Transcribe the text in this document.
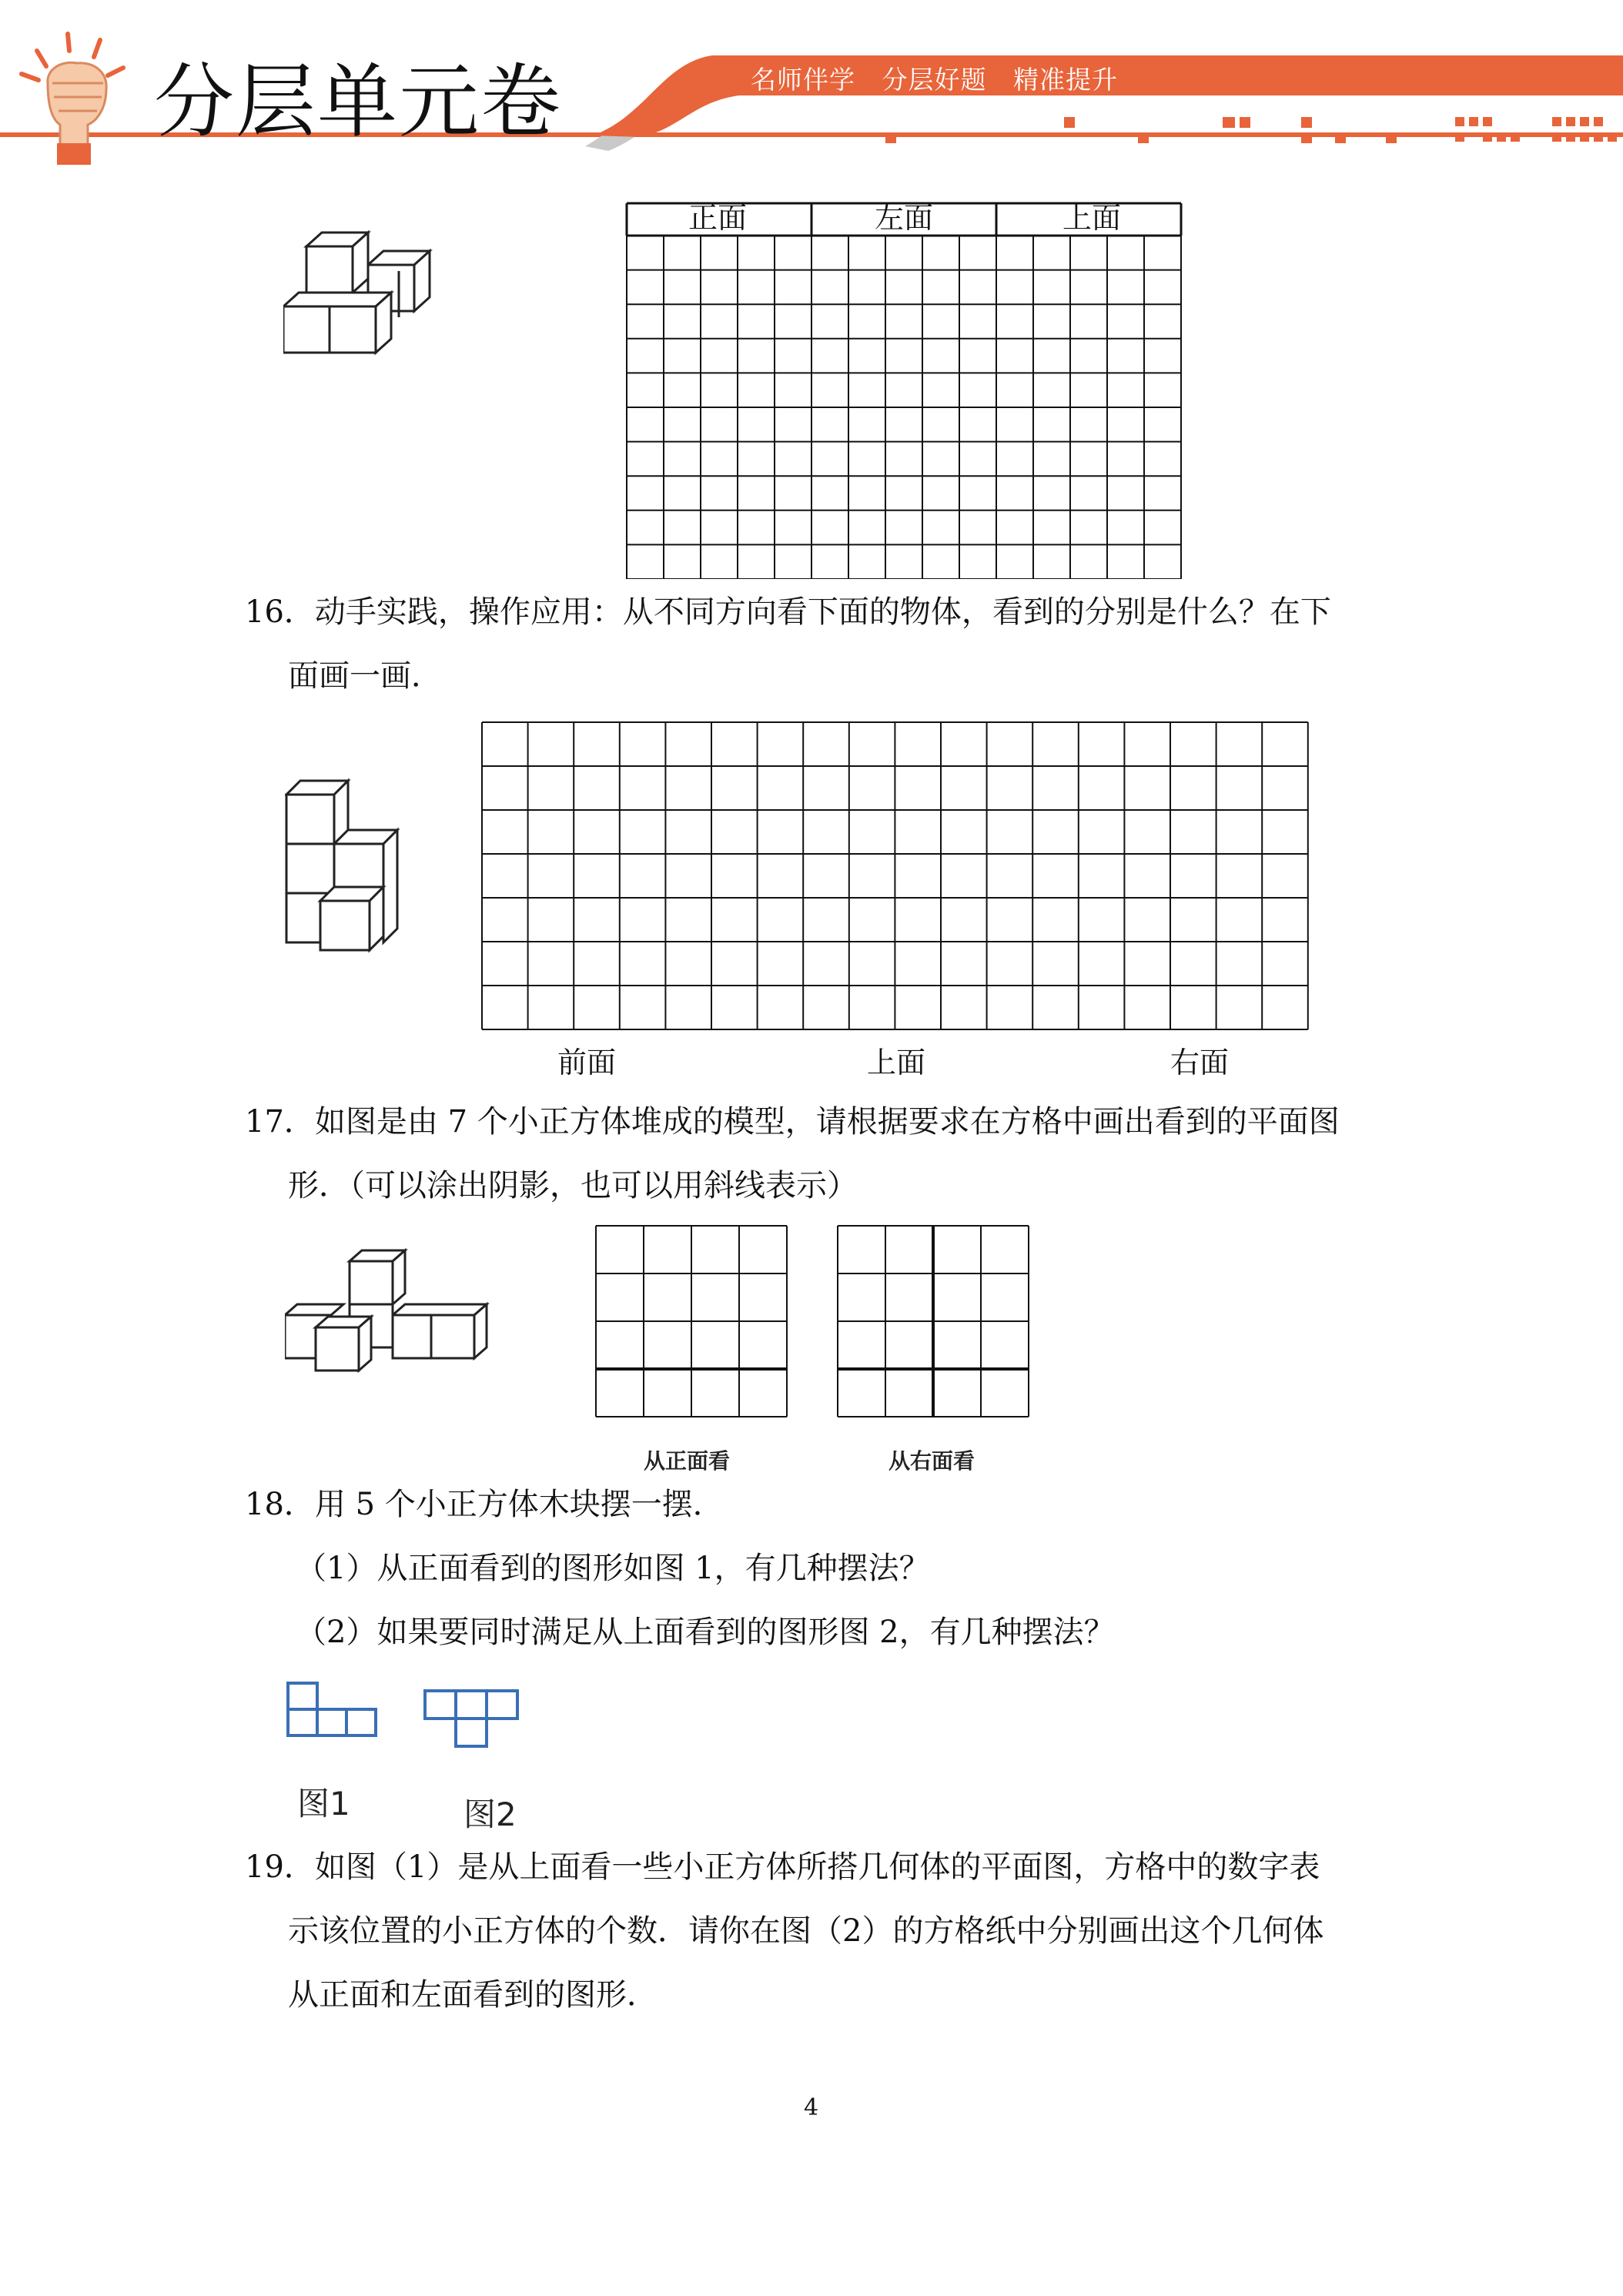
分层单元卷	名师伴学   分层好题   精准提升
正面	左面	上面
16．动手实践，操作应用：从不同方向看下面的物体，看到的分别是什么？在下
面画一画．
前面	上面	右面
17．如图是由 7 个小正方体堆成的模型，请根据要求在方格中画出看到的平面图
形．（可以涂出阴影，也可以用斜线表示）
从正面看	从右面看
18．用 5 个小正方体木块摆一摆．
（1）从正面看到的图形如图 1，有几种摆法？
（2）如果要同时满足从上面看到的图形图 2，有几种摆法？
图1	图2
19．如图（1）是从上面看一些小正方体所搭几何体的平面图，方格中的数字表
示该位置的小正方体的个数．请你在图（2）的方格纸中分别画出这个几何体
从正面和左面看到的图形．
4
